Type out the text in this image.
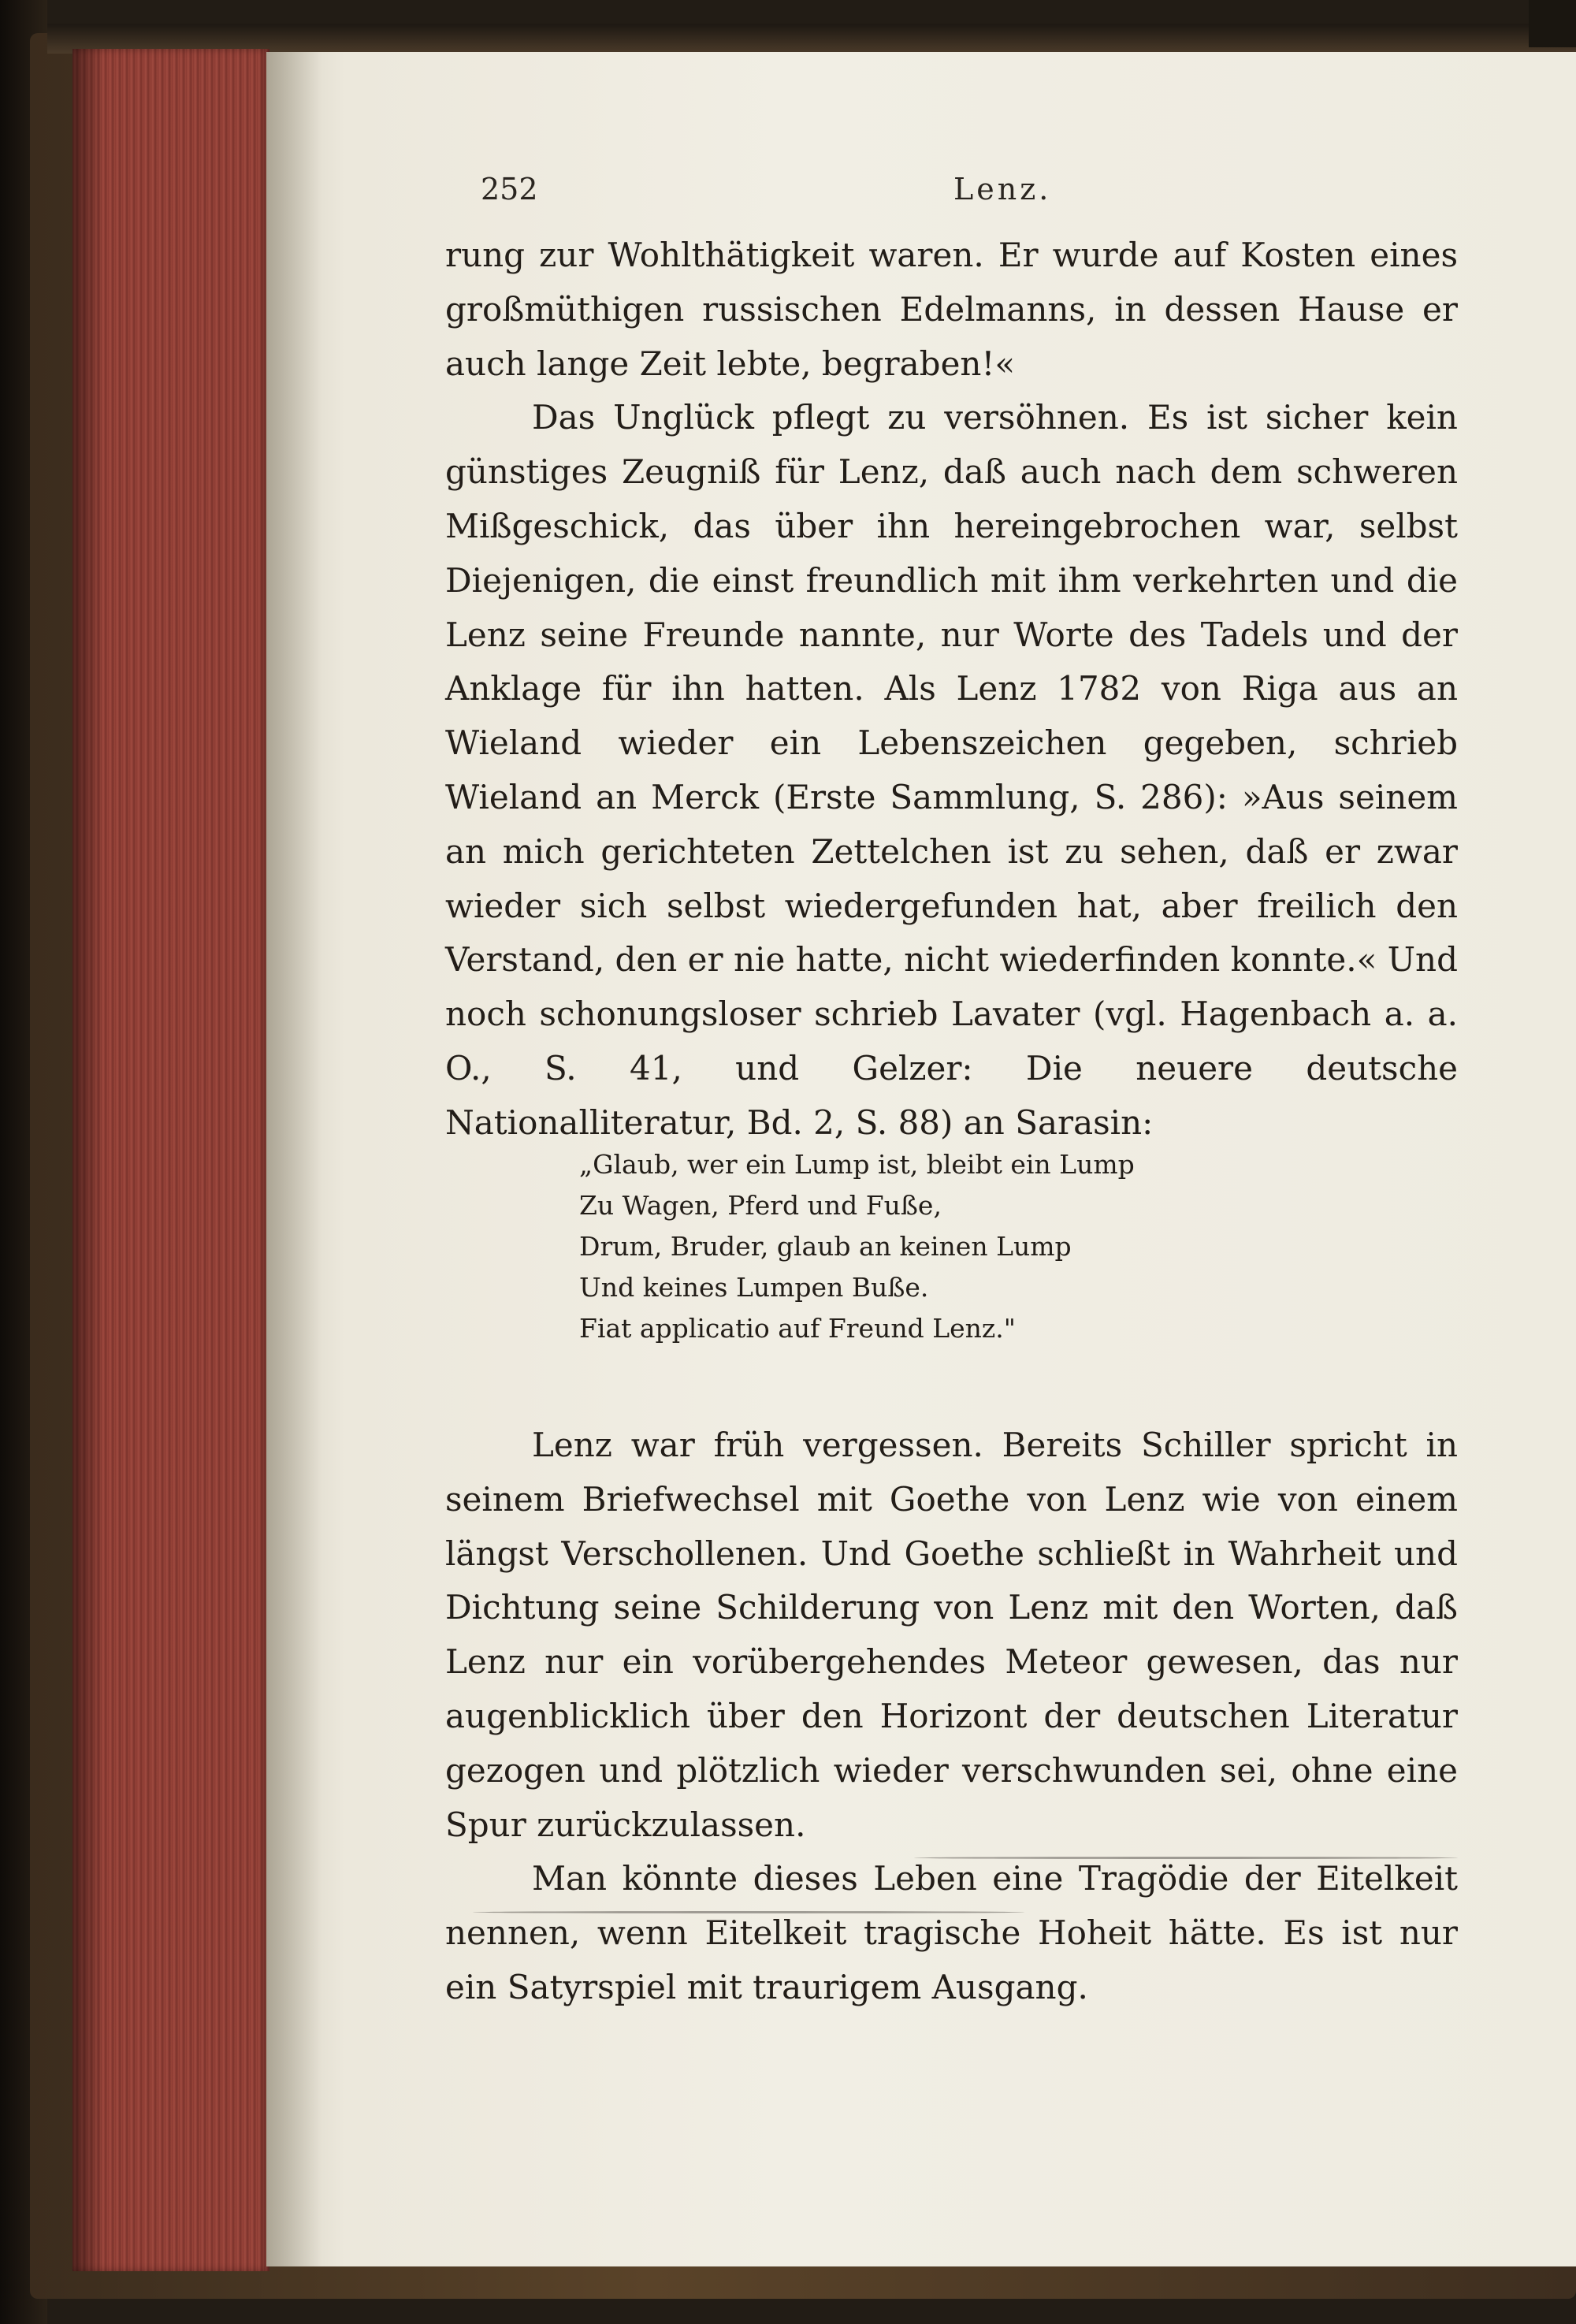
252	Lenz.

rung zur Wohlthätigkeit waren. Er wurde auf Kosten eines großmüthigen russischen Edelmanns, in dessen Hause er auch lange Zeit lebte, begraben!«

Das Unglück pflegt zu versöhnen. Es ist sicher kein günstiges Zeugniß für Lenz, daß auch nach dem schweren Mißgeschick, das über ihn hereingebrochen war, selbst Diejenigen, die einst freundlich mit ihm verkehrten und die Lenz seine Freunde nannte, nur Worte des Tadels und der Anklage für ihn hatten. Als Lenz 1782 von Riga aus an Wieland wieder ein Lebenszeichen gegeben, schrieb Wieland an Merck (Erste Sammlung, S. 286): »Aus seinem an mich gerichteten Zettelchen ist zu sehen, daß er zwar wieder sich selbst wiedergefunden hat, aber freilich den Verstand, den er nie hatte, nicht wiederfinden konnte.« Und noch schonungsloser schrieb Lavater (vgl. Hagenbach a. a. O., S. 41, und Gelzer: Die neuere deutsche Nationalliteratur, Bd. 2, S. 88) an Sarasin:

„Glaub, wer ein Lump ist, bleibt ein Lump
Zu Wagen, Pferd und Fuße,
Drum, Bruder, glaub an keinen Lump
Und keines Lumpen Buße.
Fiat applicatio auf Freund Lenz."

Lenz war früh vergessen. Bereits Schiller spricht in seinem Briefwechsel mit Goethe von Lenz wie von einem längst Verschollenen. Und Goethe schließt in Wahrheit und Dichtung seine Schilderung von Lenz mit den Worten, daß Lenz nur ein vorübergehendes Meteor gewesen, das nur augenblicklich über den Horizont der deutschen Literatur gezogen und plötzlich wieder verschwunden sei, ohne eine Spur zurückzulassen.

Man könnte dieses Leben eine Tragödie der Eitelkeit nennen, wenn Eitelkeit tragische Hoheit hätte. Es ist nur ein Satyrspiel mit traurigem Ausgang.
